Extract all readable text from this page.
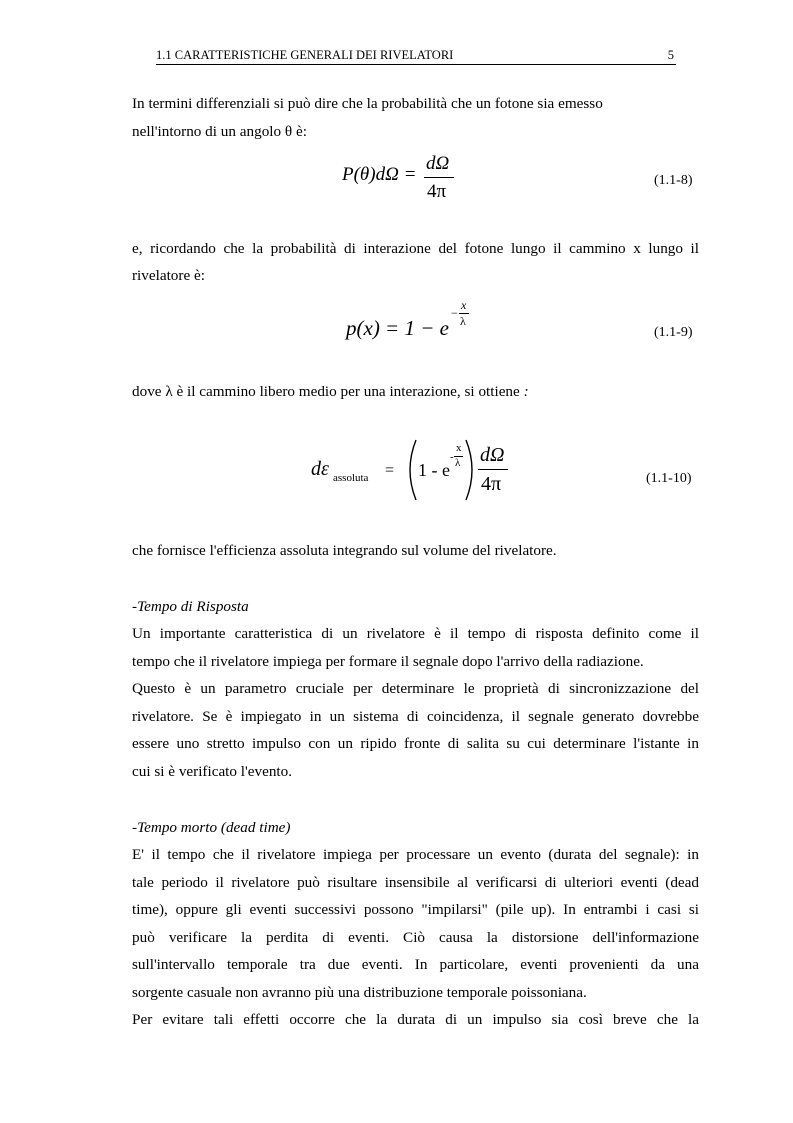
1.1 CARATTERISTICHE GENERALI DEI RIVELATORI	5
In termini differenziali si può dire che la probabilità che un fotone sia emesso
nell'intorno di un angolo θ è:
P(θ)dΩ =
dΩ
4π
(1.1-8)
e, ricordando che la probabilità di interazione del fotone lungo il cammino x lungo il
rivelatore è:
p(x) = 1 − e
−
x
λ
(1.1-9)
dove λ è il cammino libero medio per una interazione, si ottiene :
dε assoluta = 1 - e
-
x
λ dΩ
4π	(1.1-10)
che fornisce l'efficienza assoluta integrando sul volume del rivelatore.
-Tempo di Risposta
Un importante caratteristica di un rivelatore è il tempo di risposta definito come il
tempo che il rivelatore impiega per formare il segnale dopo l'arrivo della radiazione.
Questo è un parametro cruciale per determinare le proprietà di sincronizzazione del
rivelatore. Se è impiegato in un sistema di coincidenza, il segnale generato dovrebbe
essere uno stretto impulso con un ripido fronte di salita su cui determinare l'istante in
cui si è verificato l'evento.
-Tempo morto (dead time)
E' il tempo che il rivelatore impiega per processare un evento (durata del segnale): in
tale periodo il rivelatore può risultare insensibile al verificarsi di ulteriori eventi (dead
time), oppure gli eventi successivi possono "impilarsi" (pile up). In entrambi i casi si
può verificare la perdita di eventi. Ciò causa la distorsione dell'informazione
sull'intervallo temporale tra due eventi. In particolare, eventi provenienti da una
sorgente casuale non avranno più una distribuzione temporale poissoniana.
Per evitare tali effetti occorre che la durata di un impulso sia così breve che la
